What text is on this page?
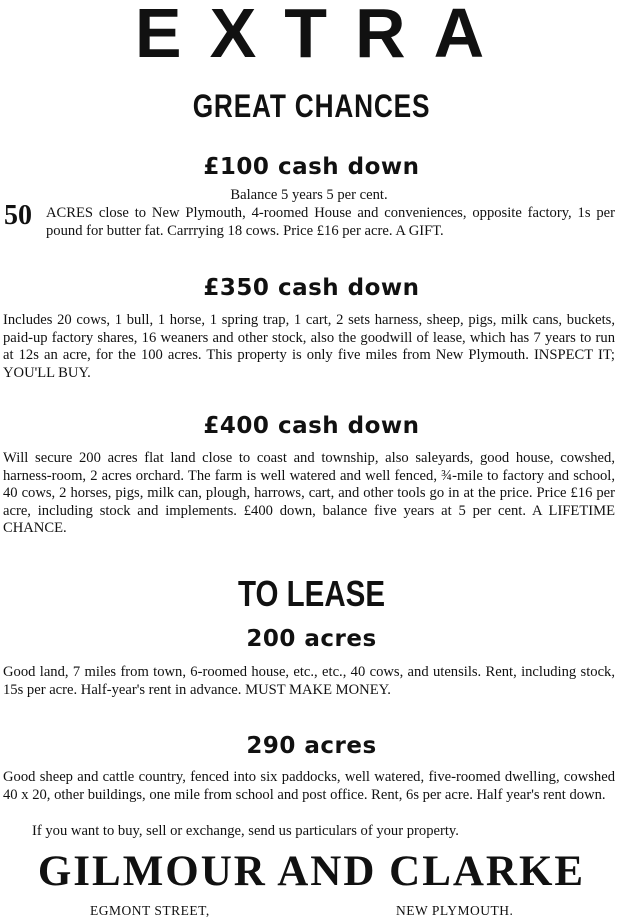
EXTRA
GREAT CHANCES
£100 cash down
Balance 5 years 5 per cent.
50 ACRES close to New Plymouth, 4-roomed House and conveniences, opposite factory, 1s per pound for butter fat. Carrrying 18 cows. Price £16 per acre. A GIFT.
£350 cash down
Includes 20 cows, 1 bull, 1 horse, 1 spring trap, 1 cart, 2 sets harness, sheep, pigs, milk cans, buckets, paid-up factory shares, 16 weaners and other stock, also the goodwill of lease, which has 7 years to run at 12s an acre, for the 100 acres. This property is only five miles from New Plymouth. INSPECT IT; YOU'LL BUY.
£400 cash down
Will secure 200 acres flat land close to coast and township, also saleyards, good house, cowshed, harness-room, 2 acres orchard. The farm is well watered and well fenced, ¾-mile to factory and school, 40 cows, 2 horses, pigs, milk can, plough, harrows, cart, and other tools go in at the price. Price £16 per acre, including stock and implements. £400 down, balance five years at 5 per cent. A LIFETIME CHANCE.
TO LEASE
200 acres
Good land, 7 miles from town, 6-roomed house, etc., etc., 40 cows, and utensils. Rent, including stock, 15s per acre. Half-year's rent in advance. MUST MAKE MONEY.
290 acres
Good sheep and cattle country, fenced into six paddocks, well watered, five-roomed dwelling, cowshed 40 x 20, other buildings, one mile from school and post office. Rent, 6s per acre. Half year's rent down.
If you want to buy, sell or exchange, send us particulars of your property.
GILMOUR AND CLARKE
EGMONT STREET,	NEW PLYMOUTH.
